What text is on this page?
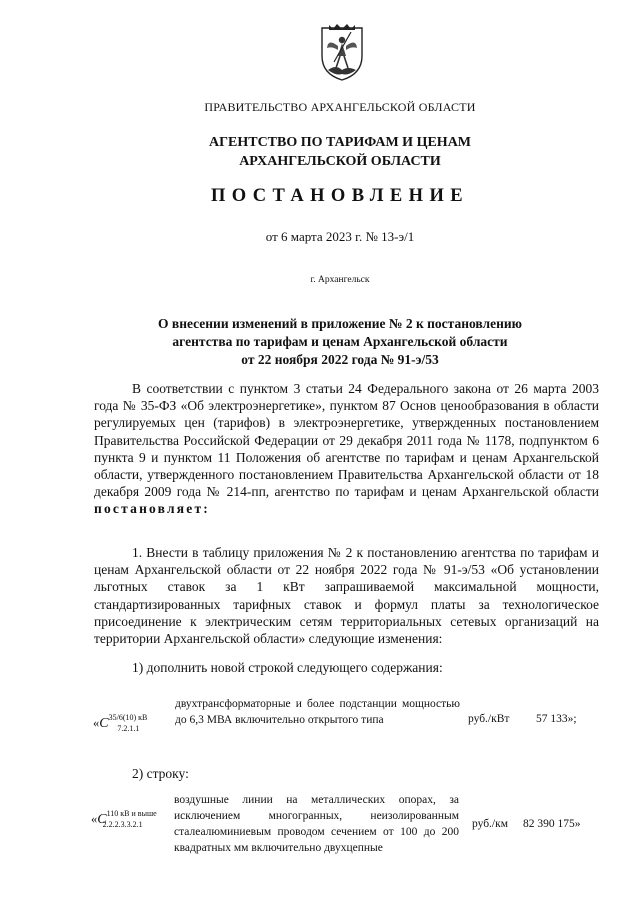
ПРАВИТЕЛЬСТВО АРХАНГЕЛЬСКОЙ ОБЛАСТИ
АГЕНТСТВО ПО ТАРИФАМ И ЦЕНАМ
АРХАНГЕЛЬСКОЙ ОБЛАСТИ
ПОСТАНОВЛЕНИЕ
от 6 марта 2023 г. № 13-э/1
г. Архангельск
О внесении изменений в приложение № 2 к постановлению
агентства по тарифам и ценам Архангельской области
от 22 ноября 2022 года № 91-э/53
В соответствии с пунктом 3 статьи 24 Федерального закона от 26 марта 2003 года № 35-ФЗ «Об электроэнергетике», пунктом 87 Основ ценообразования в области регулируемых цен (тарифов) в электроэнергетике, утвержденных постановлением Правительства Российской Федерации от 29 декабря 2011 года № 1178, подпунктом 6 пункта 9 и пунктом 11 Положения об агентстве по тарифам и ценам Архангельской области, утвержденного постановлением Правительства Архангельской области от 18 декабря 2009 года № 214-пп, агентство по тарифам и ценам Архангельской области постановляет:
1. Внести в таблицу приложения № 2 к постановлению агентства по тарифам и ценам Архангельской области от 22 ноября 2022 года № 91-э/53 «Об установлении льготных ставок за 1 кВт запрашиваемой максимальной мощности, стандартизированных тарифных ставок и формул платы за технологическое присоединение к электрическим сетям территориальных сетевых организаций на территории Архангельской области» следующие изменения:
1) дополнить новой строкой следующего содержания:
«$C^{35/6(10) кВ}_{7.2.1.1}$
двухтрансформаторные и более подстанции мощностью до 6,3 МВА включительно открытого типа	руб./кВт 57 133»;
2) строку:
«$C^{110 кВ и выше}_{2.2.2.3.3.2.1}$
воздушные линии на металлических опорах, за исключением многогранных, неизолированным сталеалюминиевым проводом сечением от 100 до 200 квадратных мм включительно двухцепные
руб./км 82 390 175»
